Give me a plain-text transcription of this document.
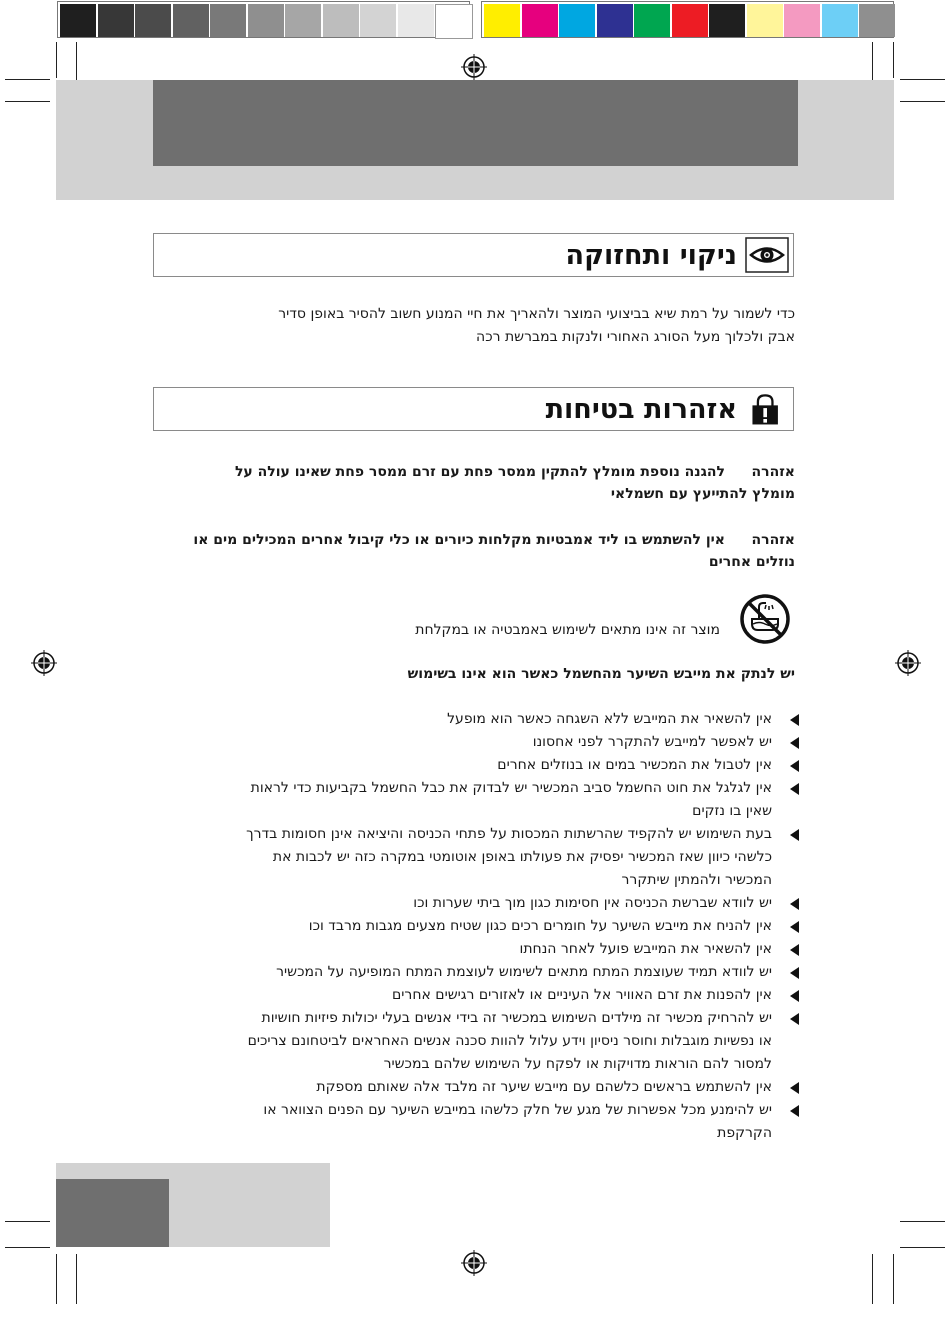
ניקוי ותחזוקה
כדי לשמור על רמת שיא בביצועי המוצר ולהאריך את חיי המנוע חשוב להסיר באופן סדיר
אבק ולכלוך מעל הסורג האחורי ולנקות במברשת רכה
אזהרות בטיחות
אזהרה
להגנה נוספת מומלץ להתקין ממסר פחת עם זרם ממסר פחת שאינו עולה על
מומלץ להתייעץ עם חשמלאי
אזהרה
אין להשתמש בו ליד אמבטיות מקלחות כיורים או כלי קיבול אחרים המכילים מים או
נוזלים אחרים
מוצר זה אינו מתאים לשימוש באמבטיה או במקלחת
יש לנתק את מייבש השיער מהחשמל כאשר הוא אינו בשימוש
אין להשאיר את המייבש ללא השגחה כאשר הוא מופעל
יש לאפשר למייבש להתקרר לפני אחסונו
אין לטבול את המכשיר במים או בנוזלים אחרים
אין לגלגל את חוט החשמל סביב המכשיר יש לבדוק את כבל החשמל בקביעות כדי לראות
שאין בו נזקים
בעת השימוש יש להקפיד שהרשתות המכסות על פתחי הכניסה והיציאה אינן חסומות בדרך
כלשהי כיוון שאז המכשיר יפסיק את פעולתו באופן אוטומטי במקרה כזה יש לכבות את
המכשיר ולהמתין שיתקרר
יש לוודא שברשת הכניסה אין חסימות כגון מוך ביתי שערות וכו
אין להניח את מייבש השיער על חומרים רכים כגון שטיח מצעים מגבות מרבד וכו
אין להשאיר את המייבש פועל לאחר הנחתו
יש לוודא תמיד שעוצמת המתח מתאים לשימוש לעוצמת המתח המופיעה על המכשיר
אין להפנות את זרם האוויר אל העיניים או לאזורים רגישים אחרים
יש להרחיק מכשיר זה מילדים השימוש במכשיר זה בידי אנשים בעלי יכולות פיזיות חושיות
או נפשיות מוגבלות וחוסר ניסיון וידע עלול להוות סכנה אנשים האחראים לביטחונם צריכים
למסור להם הוראות מדויקות או לפקח על השימוש שלהם במכשיר
אין להשתמש בראשים כלשהם עם מייבש שיער זה מלבד אלה שאותם מספקת
יש להימנע מכל אפשרות של מגע של חלק כלשהו במייבש השיער עם הפנים הצוואר או
הקרקפת
